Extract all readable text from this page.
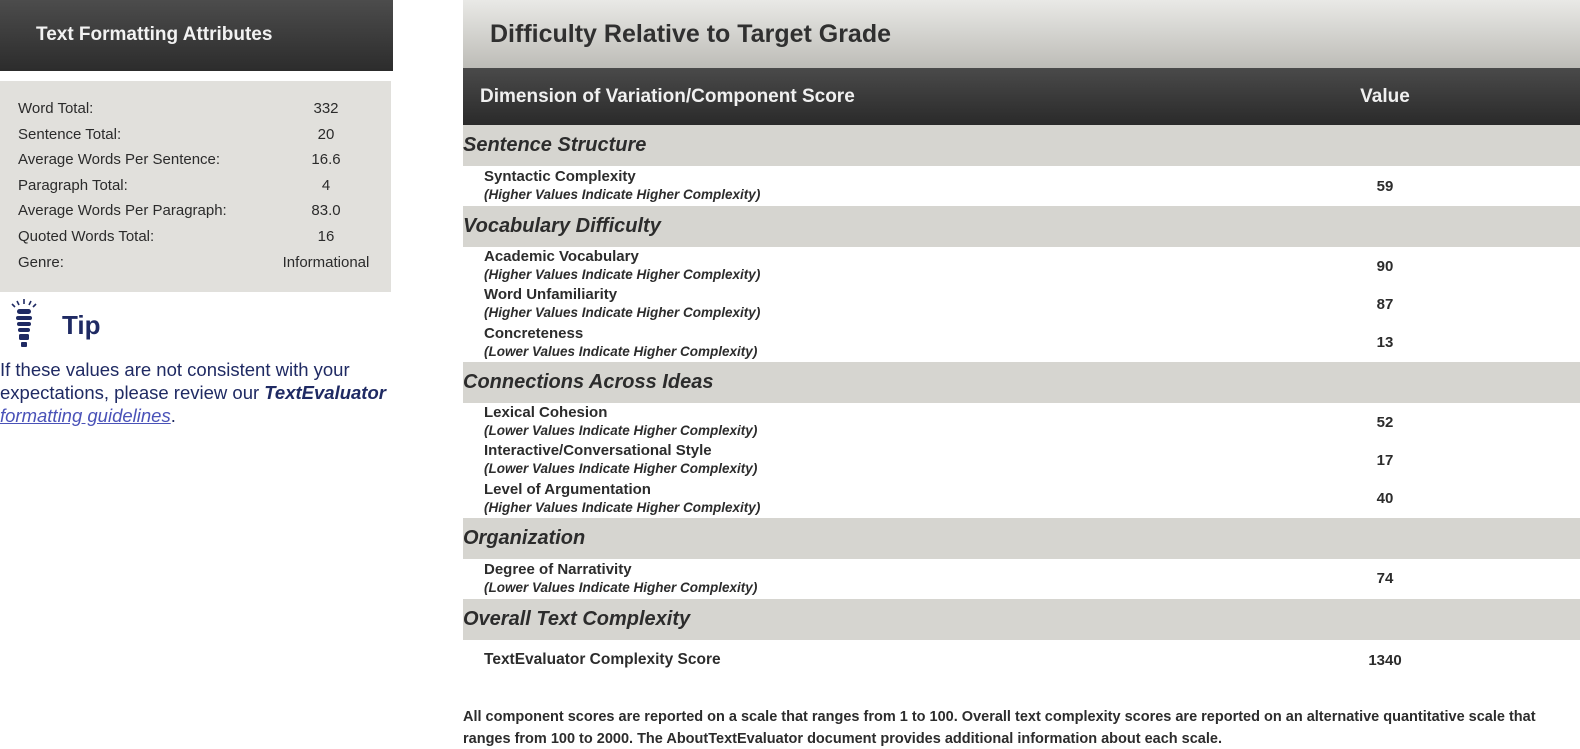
Text Formatting Attributes
Word Total:	332
Sentence Total:	20
Average Words Per Sentence:	16.6
Paragraph Total:	4
Average Words Per Paragraph:	83.0
Quoted Words Total:	16
Genre:	Informational
Tip
If these values are not consistent with your expectations, please review our TextEvaluator formatting guidelines.
Difficulty Relative to Target Grade
Dimension of Variation/Component Score	Value
Sentence Structure
Syntactic Complexity
(Higher Values Indicate Higher Complexity)	59
Vocabulary Difficulty
Academic Vocabulary
(Higher Values Indicate Higher Complexity)	90
Word Unfamiliarity
(Higher Values Indicate Higher Complexity)	87
Concreteness
(Lower Values Indicate Higher Complexity)	13
Connections Across Ideas
Lexical Cohesion
(Lower Values Indicate Higher Complexity)	52
Interactive/Conversational Style
(Lower Values Indicate Higher Complexity)	17
Level of Argumentation
(Higher Values Indicate Higher Complexity)	40
Organization
Degree of Narrativity
(Lower Values Indicate Higher Complexity)	74
Overall Text Complexity
TextEvaluator Complexity Score	1340

All component scores are reported on a scale that ranges from 1 to 100. Overall text complexity scores are reported on an alternative quantitative scale that ranges from 100 to 2000. The AboutTextEvaluator document provides additional information about each scale.
